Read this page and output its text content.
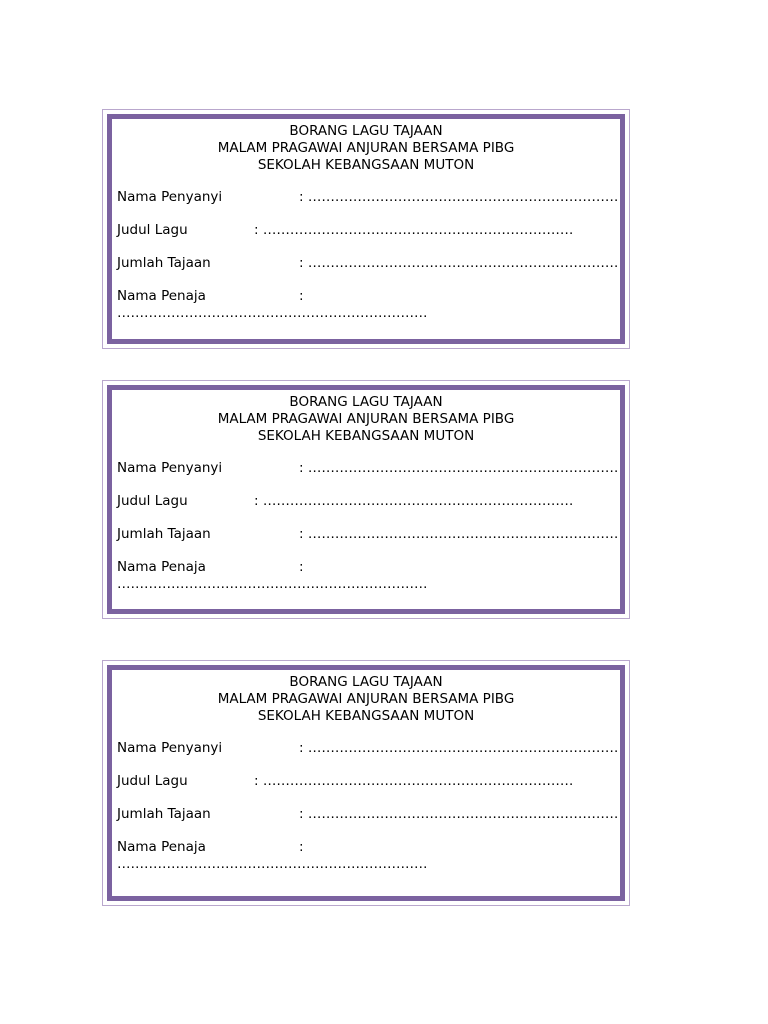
BORANG LAGU TAJAAN
MALAM PRAGAWAI ANJURAN BERSAMA PIBG
SEKOLAH KEBANGSAAN MUTON
Nama Penyanyi	: ……………………………………………………………
Judul Lagu	: ……………………………………………………………
Jumlah Tajaan	: ……………………………………………………………
Nama Penaja	:
……………………………………………………………
BORANG LAGU TAJAAN
MALAM PRAGAWAI ANJURAN BERSAMA PIBG
SEKOLAH KEBANGSAAN MUTON
Nama Penyanyi	: ……………………………………………………………
Judul Lagu	: ……………………………………………………………
Jumlah Tajaan	: ……………………………………………………………
Nama Penaja	:
……………………………………………………………
BORANG LAGU TAJAAN
MALAM PRAGAWAI ANJURAN BERSAMA PIBG
SEKOLAH KEBANGSAAN MUTON
Nama Penyanyi	: ……………………………………………………………
Judul Lagu	: ……………………………………………………………
Jumlah Tajaan	: ……………………………………………………………
Nama Penaja	:
……………………………………………………………
